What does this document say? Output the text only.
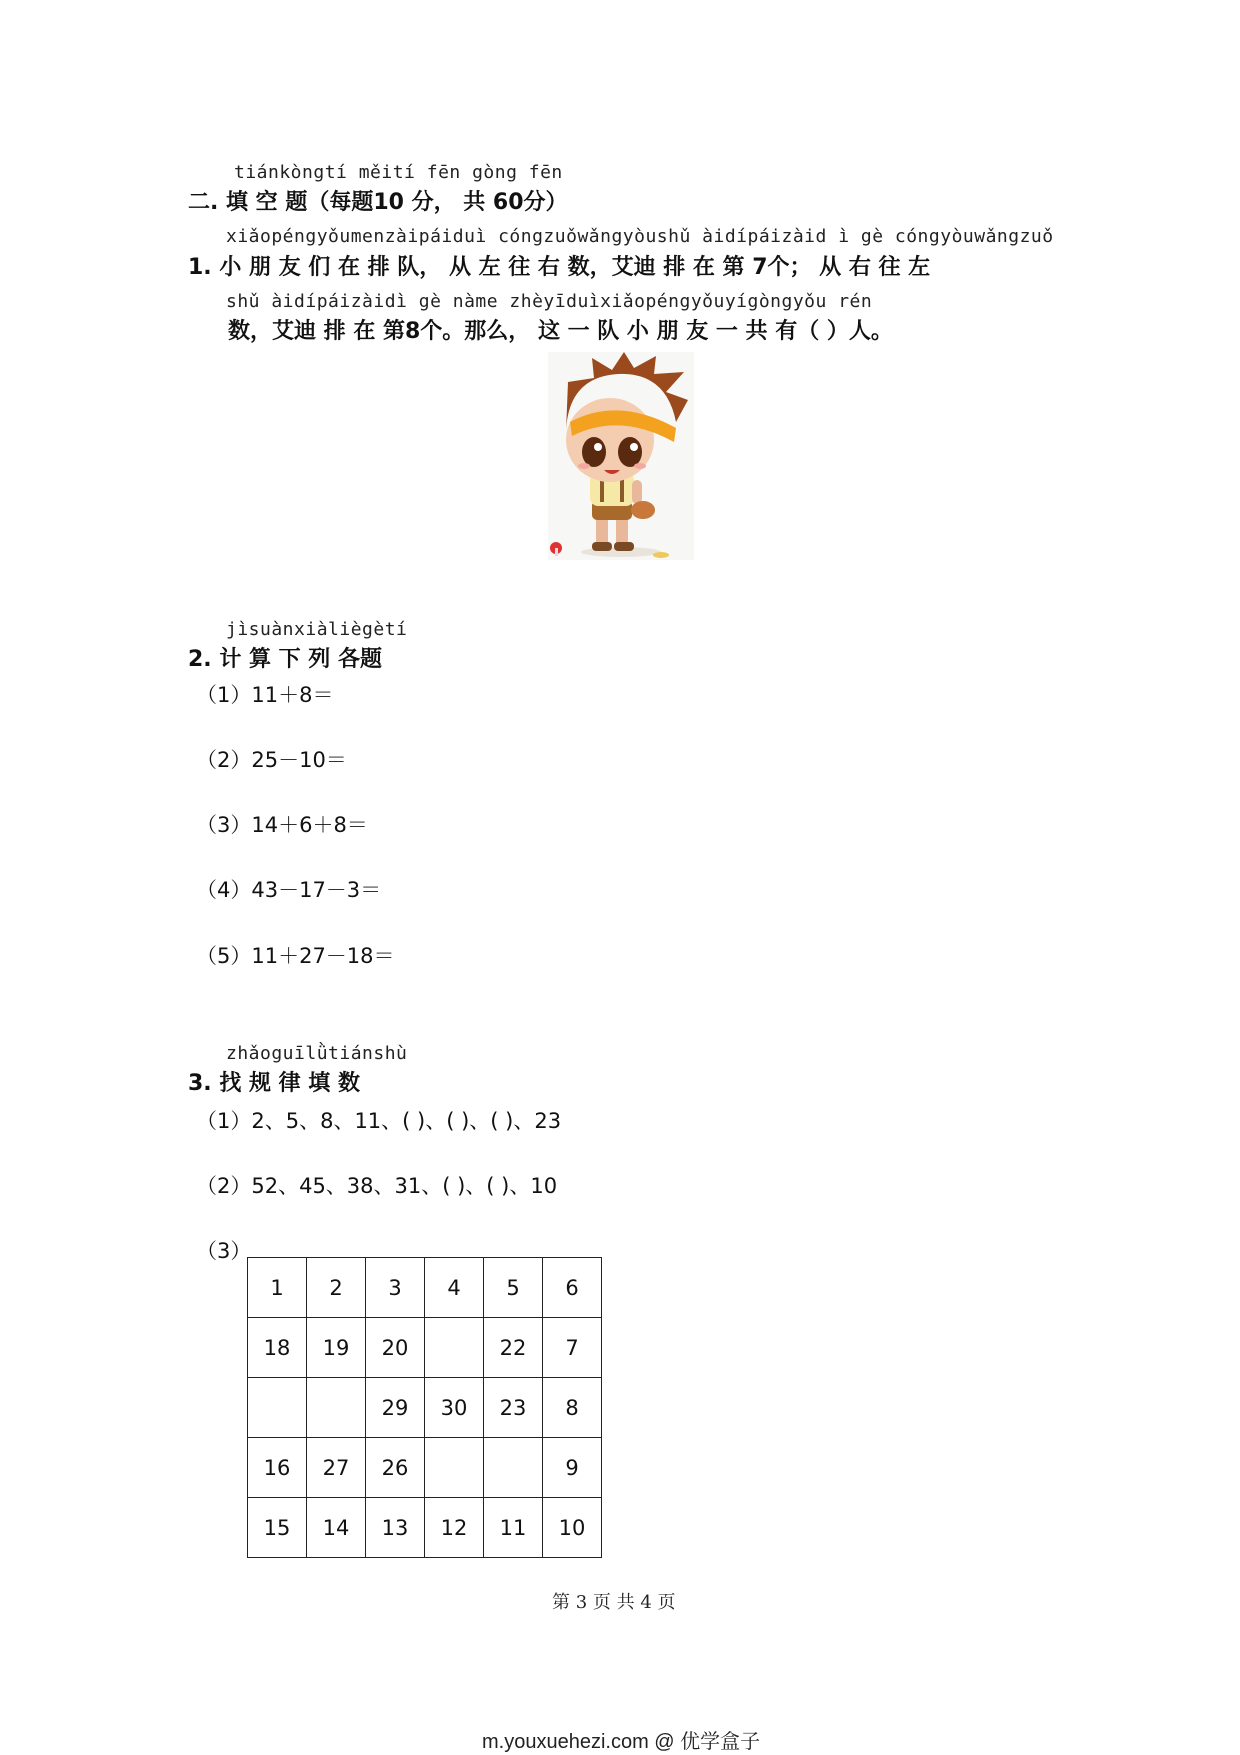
tiánkòngtí měití fēn gòng fēn
二. 填 空 题（每题10 分， 共 60分）
xiǎopéngyǒumenzàipáiduì cóngzuǒwǎngyòushǔ àidípáizàid ì gè cóngyòuwǎngzuǒ
1. 小 朋 友 们 在 排 队， 从 左 往 右 数，艾迪 排 在 第 7个； 从 右 往 左
shǔ àidípáizàidì gè nàme zhèyīduìxiǎopéngyǒuyígòngyǒu rén
数，艾迪 排 在 第8个。那么， 这 一 队 小 朋 友 一 共 有（ ）人。
jìsuànxiàliègètí
2. 计 算 下 列 各题
（1）11＋8＝
（2）25－10＝
（3）14＋6＋8＝
（4）43－17－3＝
（5）11＋27－18＝
zhǎoguīlǜtiánshù
3. 找 规 律 填 数
（1）2、5、8、11、( )、( )、( )、23
（2）52、45、38、31、( )、( )、10
（3）
1	2	3	4	5	6
18	19	20		22	7
		29	30	23	8
16	27	26			9
15	14	13	12	11	10
第 3 页 共 4 页
m.youxuehezi.com @ 优学盒子
